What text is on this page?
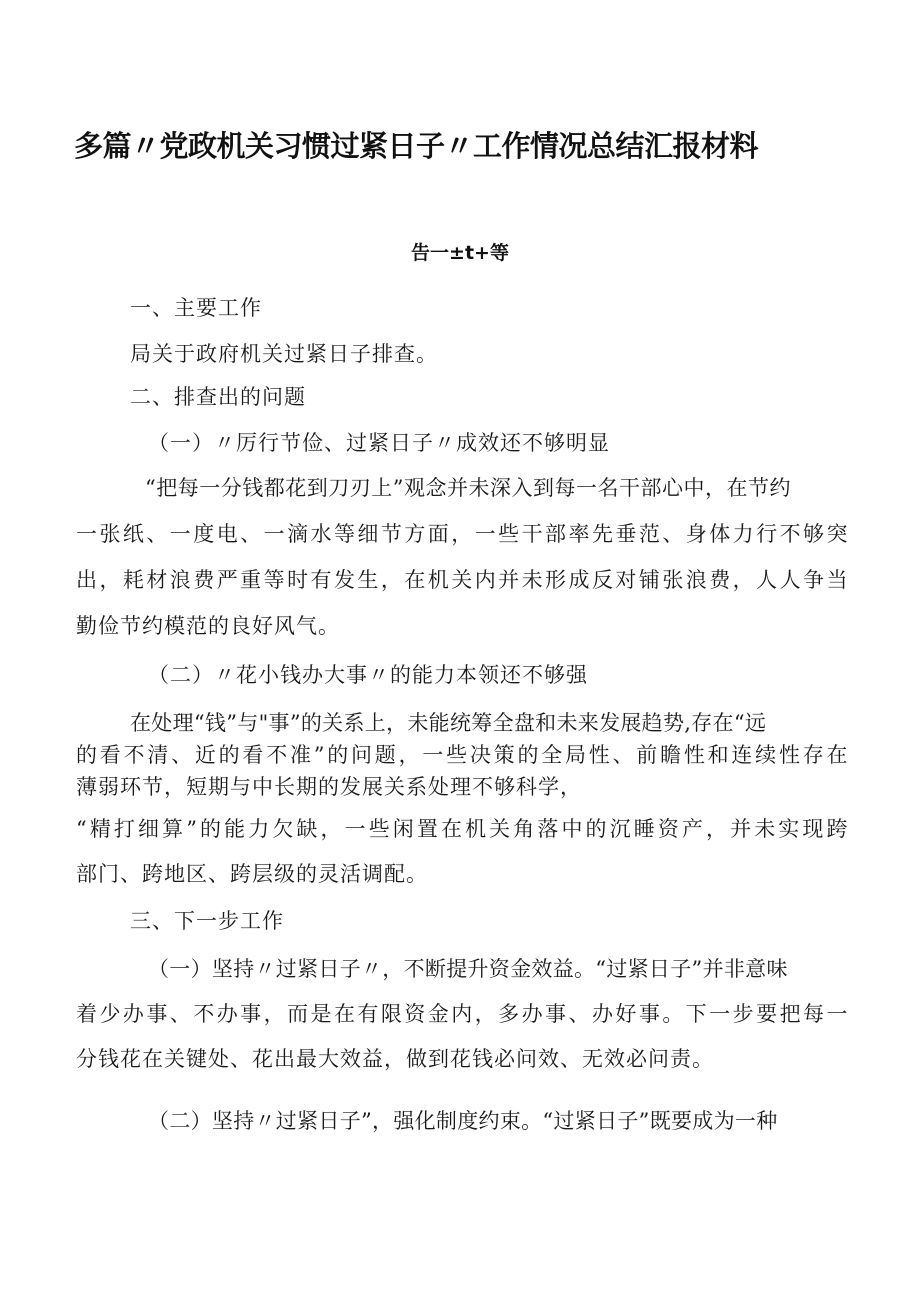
多篇〃党政机关习惯过紧日子〃工作情况总结汇报材料
告一±t+等
一、主要工作
局关于政府机关过紧日子排查。
二、排查出的问题
（一）〃厉行节俭、过紧日子〃成效还不够明显
“把每一分钱都花到刀刃上”观念并未深入到每一名干部心中，在节约
一张纸、一度电、一滴水等细节方面，一些干部率先垂范、身体力行不够突
出，耗材浪费严重等时有发生，在机关内并未形成反对铺张浪费，人人争当
勤俭节约模范的良好风气。
（二）〃花小钱办大事〃的能力本领还不够强
在处理“钱”与"事”的关系上，未能统筹全盘和未来发展趋势,存在“远
的看不清、近的看不准”的问题，一些决策的全局性、前瞻性和连续性存在
薄弱环节，短期与中长期的发展关系处理不够科学，
“精打细算”的能力欠缺，一些闲置在机关角落中的沉睡资产，并未实现跨
部门、跨地区、跨层级的灵活调配。
三、下一步工作
（一）坚持〃过紧日子〃，不断提升资金效益。“过紧日子”并非意味
着少办事、不办事，而是在有限资金内，多办事、办好事。下一步要把每一
分钱花在关键处、花出最大效益，做到花钱必问效、无效必问责。
（二）坚持〃过紧日子”，强化制度约束。“过紧日子”既要成为一种
